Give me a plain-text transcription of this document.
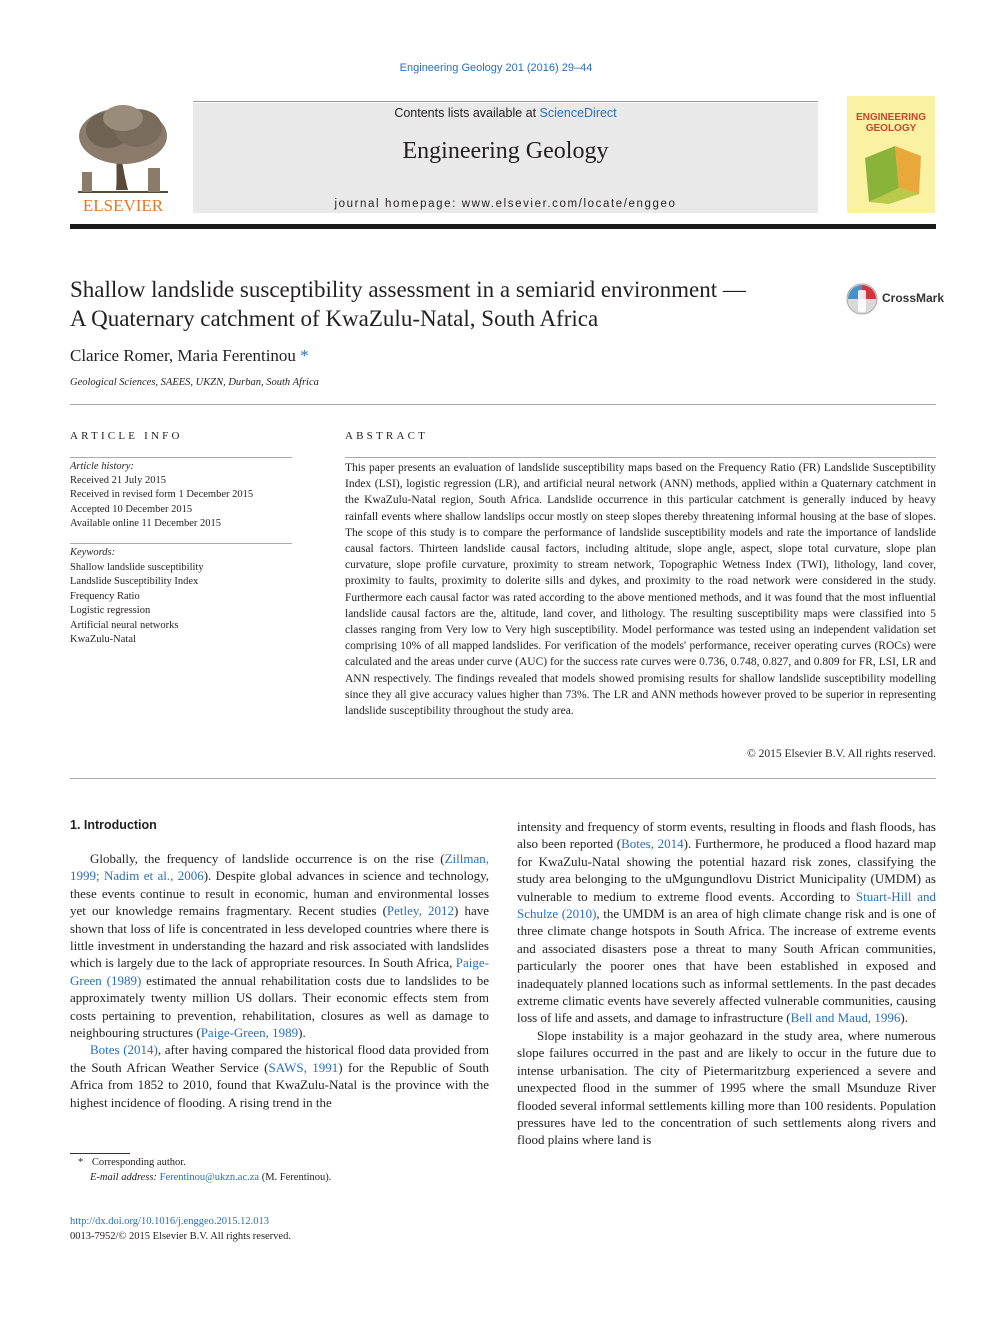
Engineering Geology 201 (2016) 29–44
Contents lists available at ScienceDirect
Engineering Geology
journal homepage: www.elsevier.com/locate/enggeo
ELSEVIER
ENGINEERING
GEOLOGY
Shallow landslide susceptibility assessment in a semiarid environment —
A Quaternary catchment of KwaZulu-Natal, South Africa
CrossMark
Clarice Romer, Maria Ferentinou *
Geological Sciences, SAEES, UKZN, Durban, South Africa
ARTICLE INFO	ABSTRACT
Article history:
Received 21 July 2015
Received in revised form 1 December 2015
Accepted 10 December 2015
Available online 11 December 2015
Keywords:
Shallow landslide susceptibility
Landslide Susceptibility Index
Frequency Ratio
Logistic regression
Artificial neural networks
KwaZulu-Natal
This paper presents an evaluation of landslide susceptibility maps based on the Frequency Ratio (FR) Landslide Susceptibility Index (LSI), logistic regression (LR), and artificial neural network (ANN) methods, applied within a Quaternary catchment in the KwaZulu-Natal region, South Africa. Landslide occurrence in this particular catchment is generally induced by heavy rainfall events where shallow landslips occur mostly on steep slopes thereby threatening informal housing at the base of slopes. The scope of this study is to compare the performance of landslide susceptibility models and rate the importance of landslide causal factors. Thirteen landslide causal factors, including altitude, slope angle, aspect, slope total curvature, slope plan curvature, slope profile curvature, proximity to stream network, Topographic Wetness Index (TWI), lithology, land cover, proximity to faults, proximity to dolerite sills and dykes, and proximity to the road network were considered in the study. Furthermore each causal factor was rated according to the above mentioned methods, and it was found that the most influential landslide causal factors are the, altitude, land cover, and lithology. The resulting susceptibility maps were classified into 5 classes ranging from Very low to Very high susceptibility. Model performance was tested using an independent validation set comprising 10% of all mapped landslides. For verification of the models' performance, receiver operating curves (ROCs) were calculated and the areas under curve (AUC) for the success rate curves were 0.736, 0.748, 0.827, and 0.809 for FR, LSI, LR and ANN respectively. The findings revealed that models showed promising results for shallow landslide susceptibility modelling since they all give accuracy values higher than 73%. The LR and ANN methods however proved to be superior in representing landslide susceptibility throughout the study area.
© 2015 Elsevier B.V. All rights reserved.
1. Introduction

Globally, the frequency of landslide occurrence is on the rise (Zillman, 1999; Nadim et al., 2006). Despite global advances in science and technology, these events continue to result in economic, human and environmental losses yet our knowledge remains fragmentary. Recent studies (Petley, 2012) have shown that loss of life is concentrated in less developed countries where there is little investment in understanding the hazard and risk associated with landslides which is largely due to the lack of appropriate resources. In South Africa, Paige-Green (1989) estimated the annual rehabilitation costs due to landslides to be approximately twenty million US dollars. Their economic effects stem from costs pertaining to prevention, rehabilitation, closures as well as damage to neighbouring structures (Paige-Green, 1989).

Botes (2014), after having compared the historical flood data provided from the South African Weather Service (SAWS, 1991) for the Republic of South Africa from 1852 to 2010, found that KwaZulu-Natal is the province with the highest incidence of flooding. A rising trend in the

intensity and frequency of storm events, resulting in floods and flash floods, has also been reported (Botes, 2014). Furthermore, he produced a flood hazard map for KwaZulu-Natal showing the potential hazard risk zones, classifying the study area belonging to the uMgungundlovu District Municipality (UMDM) as vulnerable to medium to extreme flood events. According to Stuart-Hill and Schulze (2010), the UMDM is an area of high climate change risk and is one of three climate change hotspots in South Africa. The increase of extreme events and associated disasters pose a threat to many South African communities, particularly the poorer ones that have been established in exposed and inadequately planned locations such as informal settlements. In the past decades extreme climatic events have severely affected vulnerable communities, causing loss of life and assets, and damage to infrastructure (Bell and Maud, 1996).

Slope instability is a major geohazard in the study area, where numerous slope failures occurred in the past and are likely to occur in the future due to intense urbanisation. The city of Pietermaritzburg experienced a severe and unexpected flood in the summer of 1995 where the small Msunduze River flooded several informal settlements killing more than 100 residents. Population pressures have led to the concentration of such settlements along rivers and flood plains where land is

* Corresponding author.
E-mail address: Ferentinou@ukzn.ac.za (M. Ferentinou).
http://dx.doi.org/10.1016/j.enggeo.2015.12.013
0013-7952/© 2015 Elsevier B.V. All rights reserved.
